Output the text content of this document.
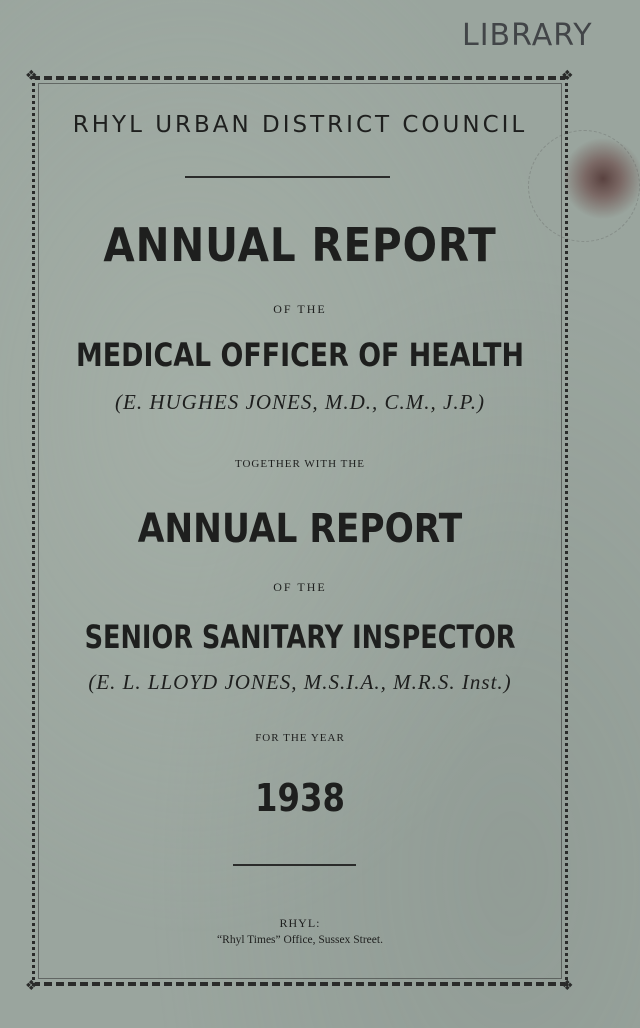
LIBRARY
❖	❖
❖	❖
RHYL URBAN DISTRICT COUNCIL
ANNUAL REPORT
OF THE
MEDICAL OFFICER OF HEALTH
(E. HUGHES JONES, M.D., C.M., J.P.)
TOGETHER WITH THE
ANNUAL REPORT
OF THE
SENIOR SANITARY INSPECTOR
(E. L. LLOYD JONES, M.S.I.A., M.R.S. Inst.)
FOR THE YEAR
1938
RHYL:
“Rhyl Times” Office, Sussex Street.
